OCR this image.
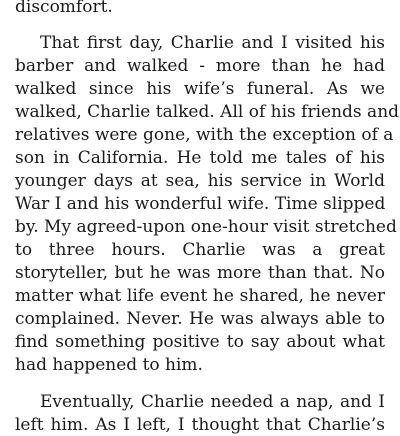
discomfort.
That first day, Charlie and I visited his
barber and walked - more than he had
walked since his wife’s funeral. As we
walked, Charlie talked. All of his friends and
relatives were gone, with the exception of a
son in California. He told me tales of his
younger days at sea, his service in World
War I and his wonderful wife. Time slipped
by. My agreed-upon one-hour visit stretched
to three hours. Charlie was a great
storyteller, but he was more than that. No
matter what life event he shared, he never
complained. Never. He was always able to
find something positive to say about what
had happened to him.
Eventually, Charlie needed a nap, and I
left him. As I left, I thought that Charlie’s
